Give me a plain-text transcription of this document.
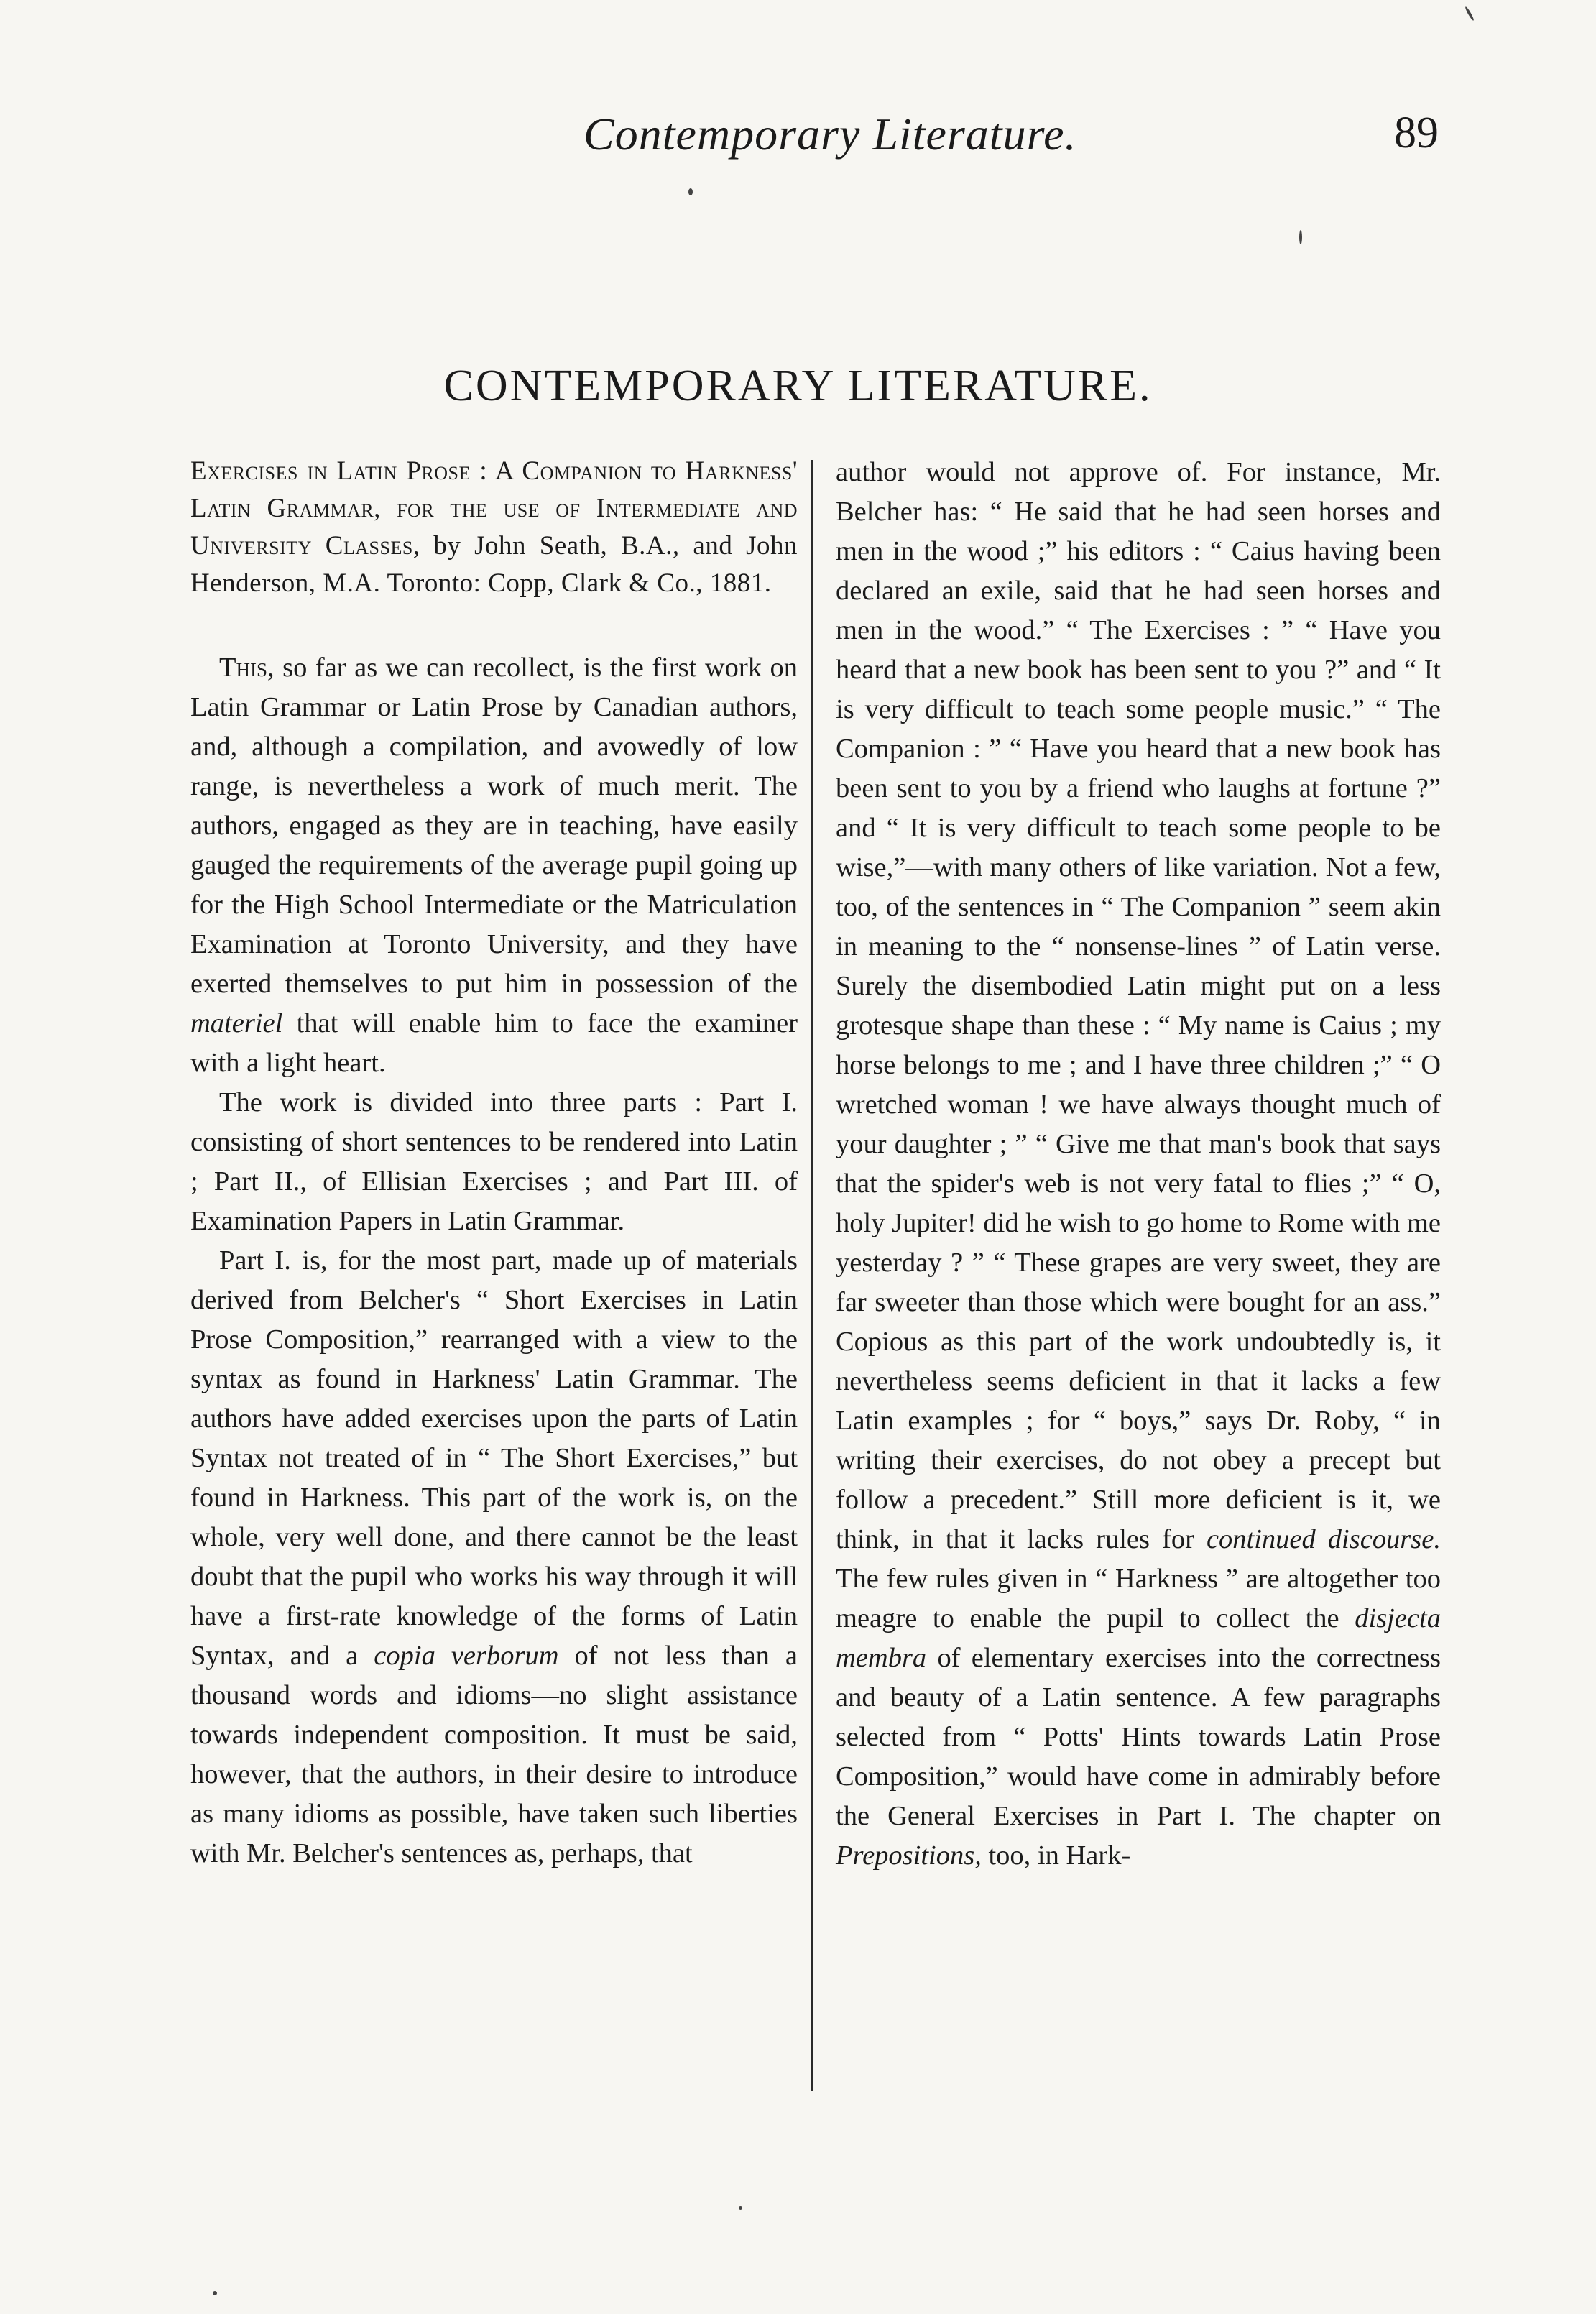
Contemporary Literature.	89
CONTEMPORARY LITERATURE.
Exercises in Latin Prose : A Companion to Harkness' Latin Grammar, for the use of Intermediate and University Classes, by John Seath, B.A., and John Henderson, M.A. Toronto: Copp, Clark & Co., 1881.

This, so far as we can recollect, is the first work on Latin Grammar or Latin Prose by Canadian authors, and, although a compilation, and avowedly of low range, is nevertheless a work of much merit. The authors, engaged as they are in teaching, have easily gauged the requirements of the average pupil going up for the High School Intermediate or the Matriculation Examination at Toronto University, and they have exerted themselves to put him in possession of the materiel that will enable him to face the examiner with a light heart.

The work is divided into three parts : Part I. consisting of short sentences to be rendered into Latin ; Part II., of Ellisian Exercises ; and Part III. of Examination Papers in Latin Grammar.

Part I. is, for the most part, made up of materials derived from Belcher's “ Short Exercises in Latin Prose Composition,” rearranged with a view to the syntax as found in Harkness' Latin Grammar. The authors have added exercises upon the parts of Latin Syntax not treated of in “ The Short Exercises,” but found in Harkness. This part of the work is, on the whole, very well done, and there cannot be the least doubt that the pupil who works his way through it will have a first-rate knowledge of the forms of Latin Syntax, and a copia verborum of not less than a thousand words and idioms—no slight assistance towards independent composition. It must be said, however, that the authors, in their desire to introduce as many idioms as possible, have taken such liberties with Mr. Belcher's sentences as, perhaps, that

author would not approve of. For instance, Mr. Belcher has: “ He said that he had seen horses and men in the wood ;” his editors : “ Caius having been declared an exile, said that he had seen horses and men in the wood.” “ The Exercises : ” “ Have you heard that a new book has been sent to you ?” and “ It is very difficult to teach some people music.” “ The Companion : ” “ Have you heard that a new book has been sent to you by a friend who laughs at fortune ?” and “ It is very difficult to teach some people to be wise,”—with many others of like variation. Not a few, too, of the sentences in “ The Companion ” seem akin in meaning to the “ nonsense-lines ” of Latin verse. Surely the disembodied Latin might put on a less grotesque shape than these : “ My name is Caius ; my horse belongs to me ; and I have three children ;” “ O wretched woman ! we have always thought much of your daughter ; ” “ Give me that man's book that says that the spider's web is not very fatal to flies ;” “ O, holy Jupiter! did he wish to go home to Rome with me yesterday ? ” “ These grapes are very sweet, they are far sweeter than those which were bought for an ass.” Copious as this part of the work undoubtedly is, it nevertheless seems deficient in that it lacks a few Latin examples ; for “ boys,” says Dr. Roby, “ in writing their exercises, do not obey a precept but follow a precedent.” Still more deficient is it, we think, in that it lacks rules for continued discourse. The few rules given in “ Harkness ” are altogether too meagre to enable the pupil to collect the disjecta membra of elementary exercises into the correctness and beauty of a Latin sentence. A few paragraphs selected from “ Potts' Hints towards Latin Prose Composition,” would have come in admirably before the General Exercises in Part I. The chapter on Prepositions, too, in Hark-
